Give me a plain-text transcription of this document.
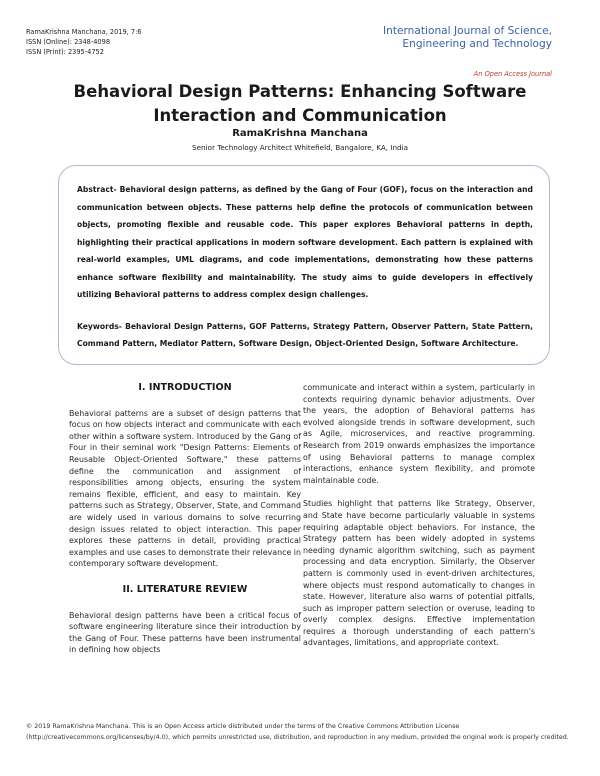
RamaKrishna Manchana, 2019, 7:6
ISSN (Online): 2348-4098
ISSN (Print): 2395-4752
International Journal of Science,
Engineering and Technology
An Open Access Journal
Behavioral Design Patterns: Enhancing Software Interaction and Communication
RamaKrishna Manchana
Senior Technology Architect Whitefield, Bangalore, KA, India

Abstract- Behavioral design patterns, as defined by the Gang of Four (GOF), focus on the interaction and communication between objects. These patterns help define the protocols of communication between objects, promoting flexible and reusable code. This paper explores Behavioral patterns in depth, highlighting their practical applications in modern software development. Each pattern is explained with real-world examples, UML diagrams, and code implementations, demonstrating how these patterns enhance software flexibility and maintainability. The study aims to guide developers in effectively utilizing Behavioral patterns to address complex design challenges.

Keywords- Behavioral Design Patterns, GOF Patterns, Strategy Pattern, Observer Pattern, State Pattern, Command Pattern, Mediator Pattern, Software Design, Object-Oriented Design, Software Architecture.

I. INTRODUCTION

Behavioral patterns are a subset of design patterns that focus on how objects interact and communicate with each other within a software system. Introduced by the Gang of Four in their seminal work "Design Patterns: Elements of Reusable Object-Oriented Software," these patterns define the communication and assignment of responsibilities among objects, ensuring the system remains flexible, efficient, and easy to maintain. Key patterns such as Strategy, Observer, State, and Command are widely used in various domains to solve recurring design issues related to object interaction. This paper explores these patterns in detail, providing practical examples and use cases to demonstrate their relevance in contemporary software development.

II. LITERATURE REVIEW

Behavioral design patterns have been a critical focus of software engineering literature since their introduction by the Gang of Four. These patterns have been instrumental in defining how objects

communicate and interact within a system, particularly in contexts requiring dynamic behavior adjustments. Over the years, the adoption of Behavioral patterns has evolved alongside trends in software development, such as Agile, microservices, and reactive programming. Research from 2019 onwards emphasizes the importance of using Behavioral patterns to manage complex interactions, enhance system flexibility, and promote maintainable code.

Studies highlight that patterns like Strategy, Observer, and State have become particularly valuable in systems requiring adaptable object behaviors. For instance, the Strategy pattern has been widely adopted in systems needing dynamic algorithm switching, such as payment processing and data encryption. Similarly, the Observer pattern is commonly used in event-driven architectures, where objects must respond automatically to changes in state. However, literature also warns of potential pitfalls, such as improper pattern selection or overuse, leading to overly complex designs. Effective implementation requires a thorough understanding of each pattern's advantages, limitations, and appropriate context.

© 2019 RamaKrishna Manchana. This is an Open Access article distributed under the terms of the Creative Commons Attribution License (http://creativecommons.org/licenses/by/4.0), which permits unrestricted use, distribution, and reproduction in any medium, provided the original work is properly credited.
